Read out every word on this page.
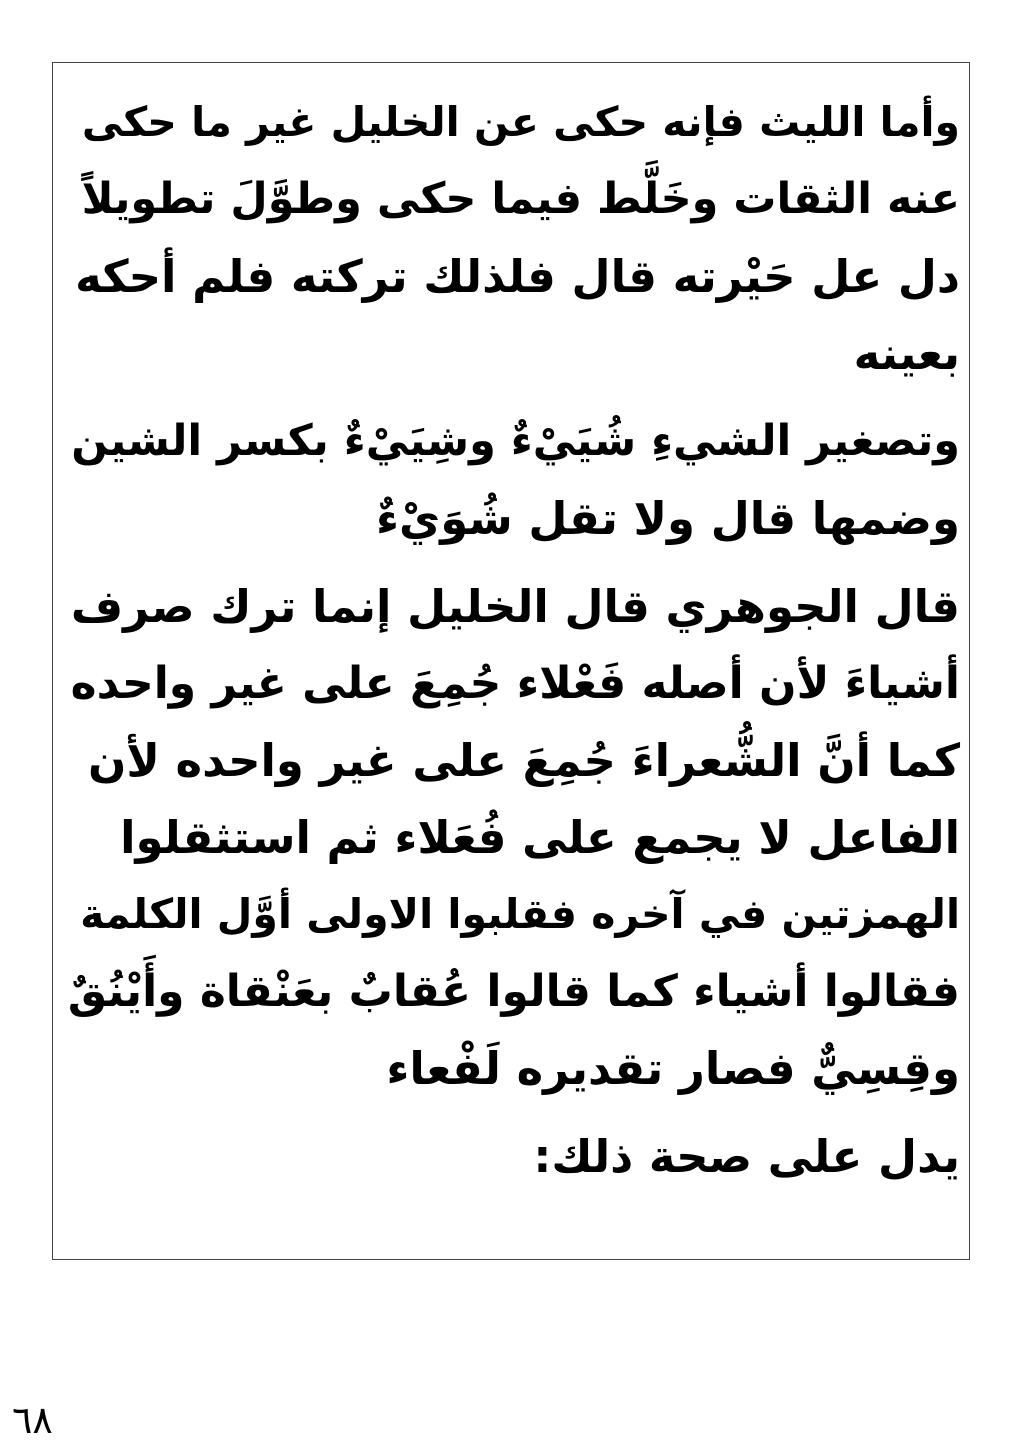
وأما الليث فإنه حكى عن الخليل غير ما حكى
عنه الثقات وخَلَّط فيما حكى وطوَّلَ تطويلاً
دل عل حَيْرته قال فلذلك تركته فلم أحكه
بعينه
وتصغير الشيءِ شُيَيْءٌ وشِيَيْءٌ بكسر الشين
وضمها قال ولا تقل شُوَيْءٌ
قال الجوهري قال الخليل إنما ترك صرف
أشياءَ لأن أصله فَعْلاء جُمِعَ على غير واحده
كما أنَّ الشُّعراءَ جُمِعَ على غير واحده لأن
الفاعل لا يجمع على فُعَلاء ثم استثقلوا
الهمزتين في آخره فقلبوا الاولى أوَّل الكلمة
فقالوا أشياء كما قالوا عُقابٌ بعَنْقاة وأَيْنُقٌ
وقِسِيٌّ فصار تقديره لَفْعاء
يدل على صحة ذلك:
٦٨
